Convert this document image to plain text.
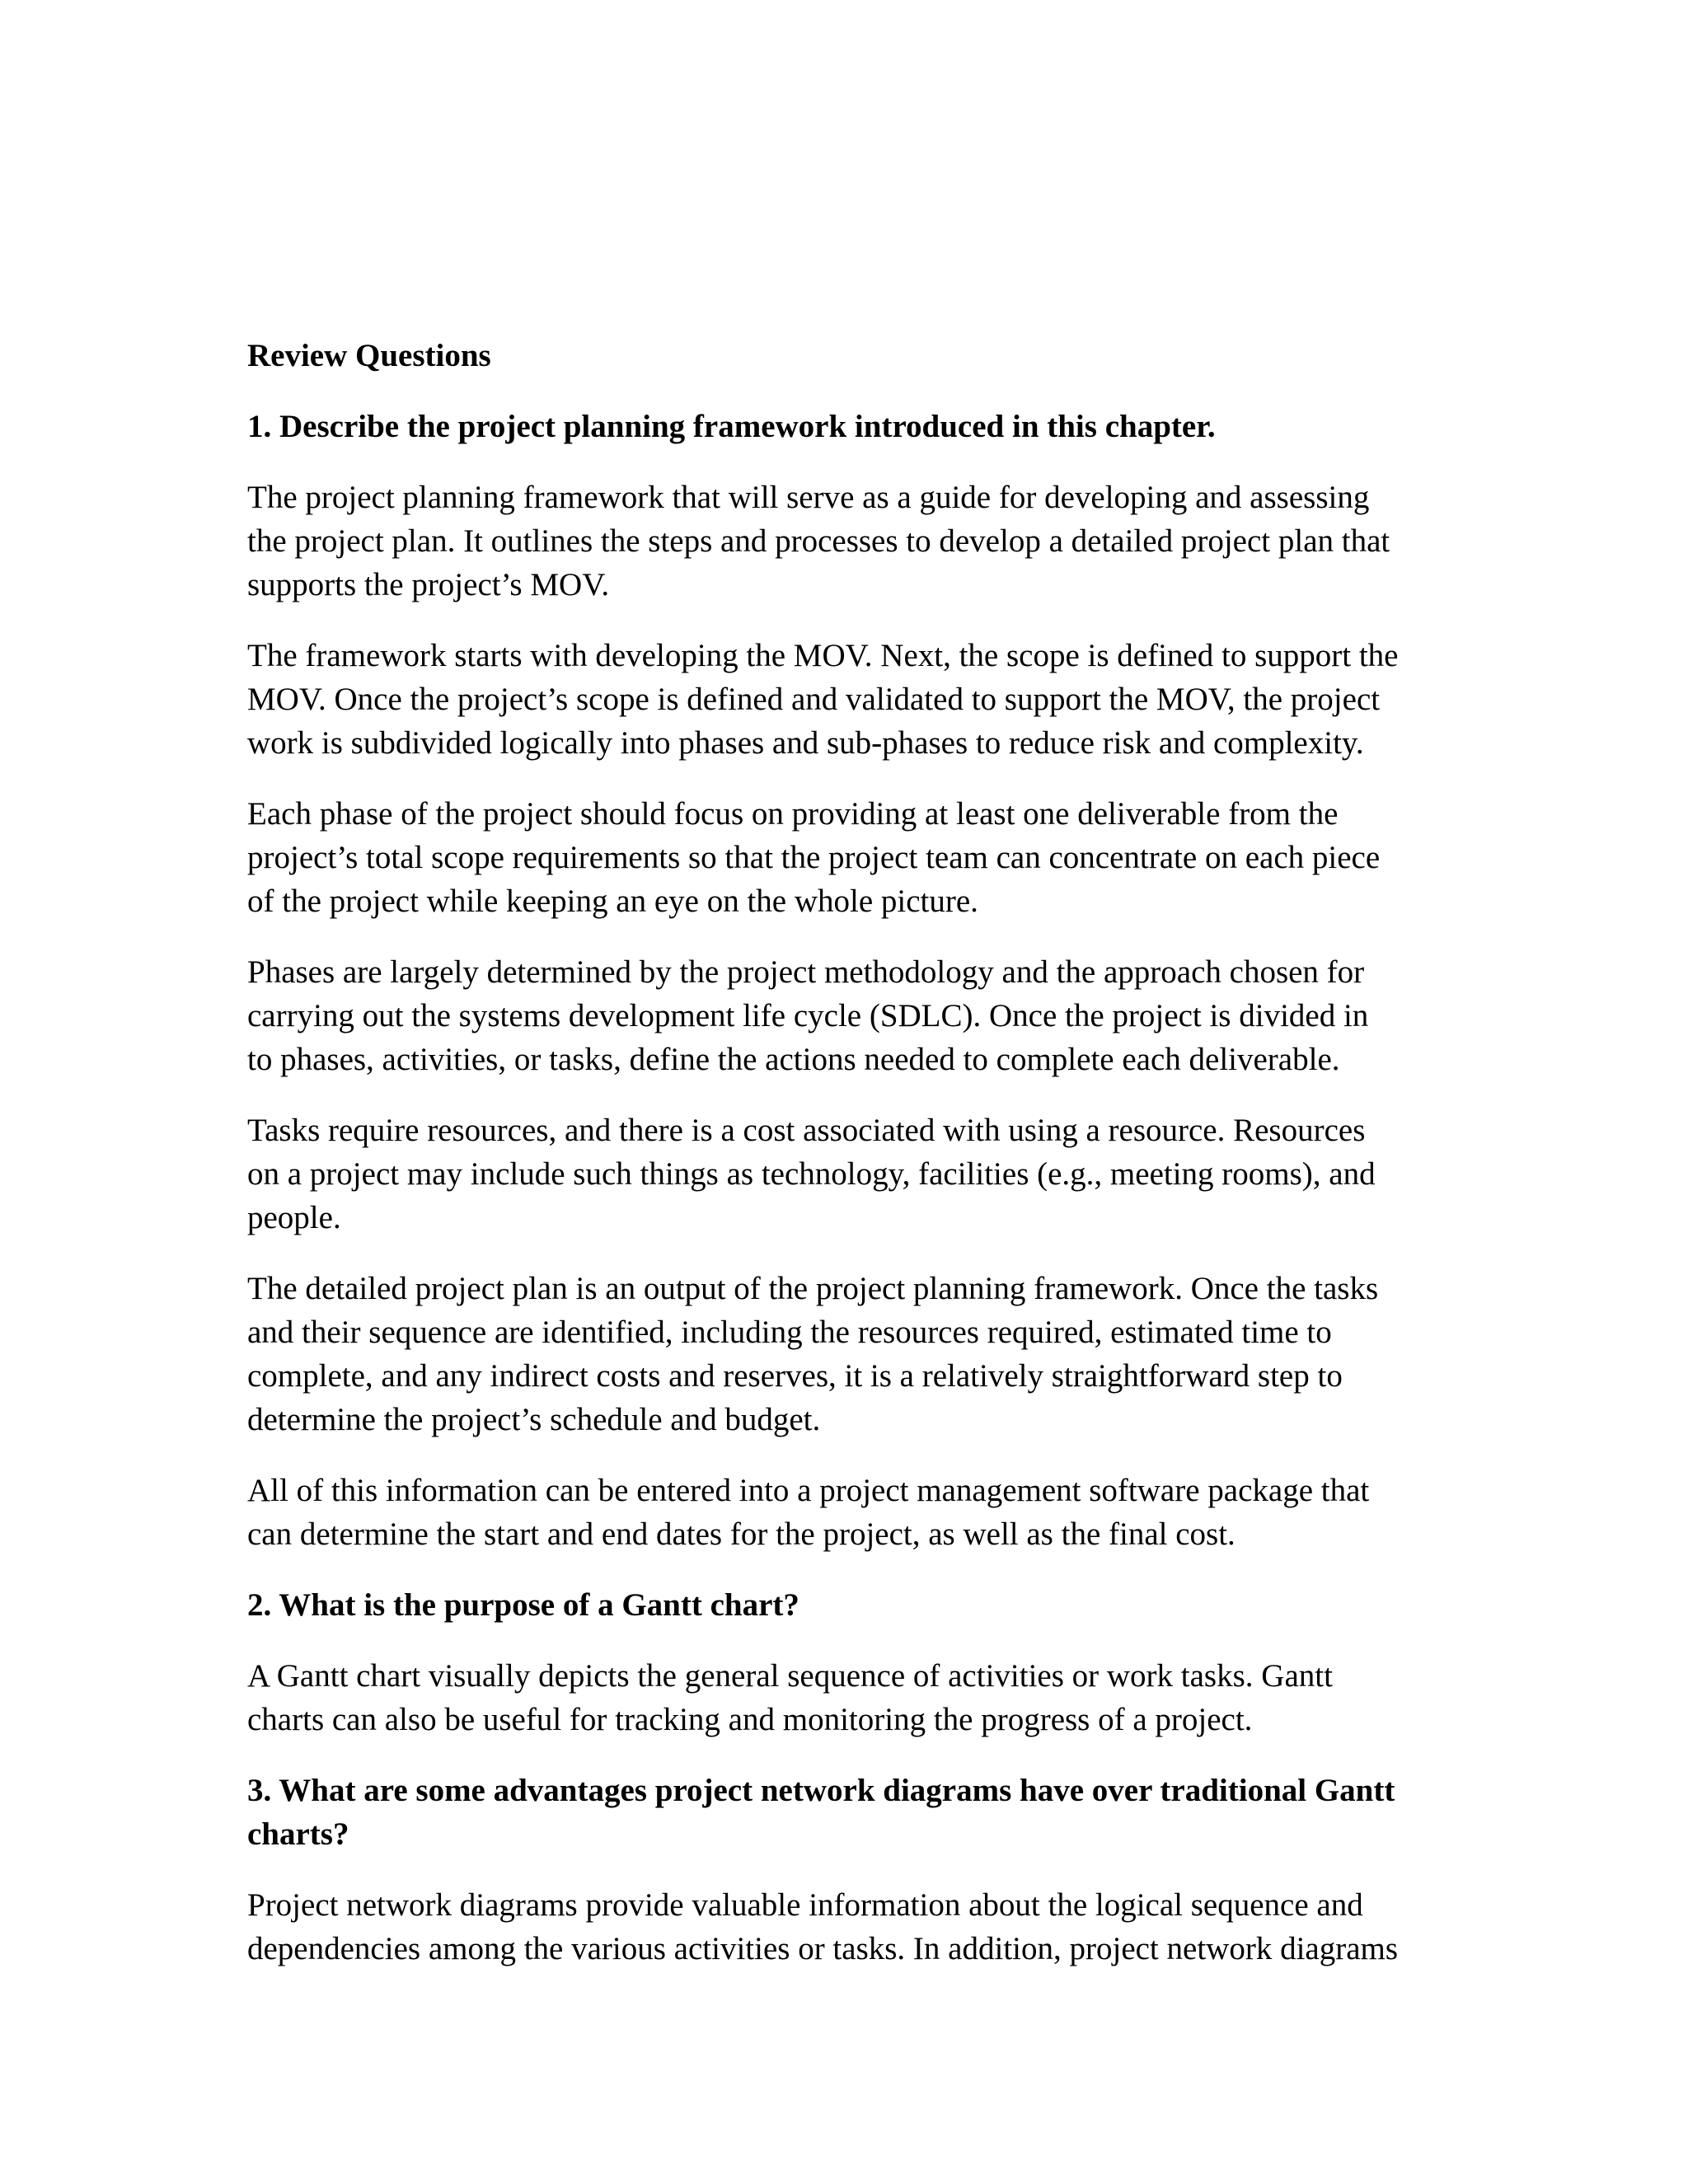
Review Questions
1. Describe the project planning framework introduced in this chapter.
The project planning framework that will serve as a guide for developing and assessing
the project plan. It outlines the steps and processes to develop a detailed project plan that
supports the project’s MOV.
The framework starts with developing the MOV. Next, the scope is defined to support the
MOV. Once the project’s scope is defined and validated to support the MOV, the project
work is subdivided logically into phases and sub-phases to reduce risk and complexity.
Each phase of the project should focus on providing at least one deliverable from the
project’s total scope requirements so that the project team can concentrate on each piece
of the project while keeping an eye on the whole picture.
Phases are largely determined by the project methodology and the approach chosen for
carrying out the systems development life cycle (SDLC). Once the project is divided in
to phases, activities, or tasks, define the actions needed to complete each deliverable.
Tasks require resources, and there is a cost associated with using a resource. Resources
on a project may include such things as technology, facilities (e.g., meeting rooms), and
people.
The detailed project plan is an output of the project planning framework. Once the tasks
and their sequence are identified, including the resources required, estimated time to
complete, and any indirect costs and reserves, it is a relatively straightforward step to
determine the project’s schedule and budget.
All of this information can be entered into a project management software package that
can determine the start and end dates for the project, as well as the final cost.
2. What is the purpose of a Gantt chart?
A Gantt chart visually depicts the general sequence of activities or work tasks. Gantt
charts can also be useful for tracking and monitoring the progress of a project.
3. What are some advantages project network diagrams have over traditional Gantt
charts?
Project network diagrams provide valuable information about the logical sequence and
dependencies among the various activities or tasks. In addition, project network diagrams
